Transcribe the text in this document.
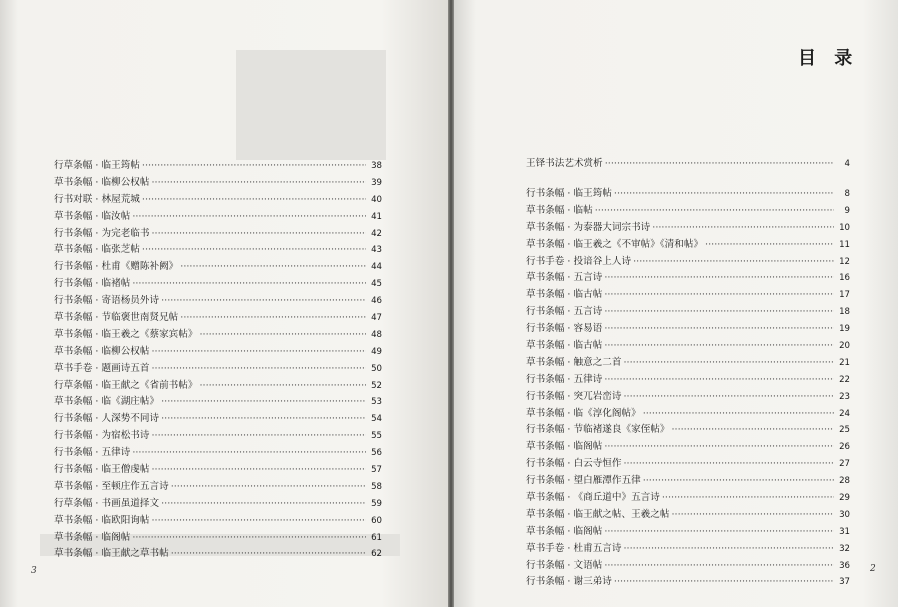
行草条幅 · 临王筠帖 ·····	38
草书条幅 · 临柳公权帖 ·····	39
行书对联 · 林屋荒城 ·····	40
草书条幅 · 临汝帖 ·····	41
行书条幅 · 为完老临书 ·····	42
草书条幅 · 临张芝帖 ·····	43
行书条幅 · 杜甫《赠陈补阙》 ·····	44
行书条幅 · 临褚帖 ·····	45
行书条幅 · 寄语杨员外诗 ·····	46
草书条幅 · 节临褒世南贤兄帖 ·····	47
草书条幅 · 临王羲之《蔡家宾帖》 ·····	48
草书条幅 · 临柳公权帖 ·····	49
草书手卷 · 题画诗五首 ·····	50
行草条幅 · 临王献之《省前书帖》 ·····	52
草书条幅 · 临《湖庄帖》 ·····	53
行书条幅 · 人深势不同诗 ·····	54
行书条幅 · 为宿松书诗 ·····	55
行书条幅 · 五律诗 ·····	56
行书条幅 · 临王僧虔帖 ·····	57
草书条幅 · 至顿庄作五言诗 ·····	58
行草条幅 · 书画虽道择文 ·····	59
草书条幅 · 临欧阳询帖 ·····	60
草书条幅 · 临阁帖 ·····	61
草书条幅 · 临王献之草书帖 ·····	62
目 录
王铎书法艺术赏析 ·····	4
行书条幅 · 临王筠帖 ·····	8
草书条幅 · 临帖 ·····	9
草书条幅 · 为泰器大词宗书诗 ·····	10
草书条幅 · 临王羲之《不审帖》《清和帖》 ·····	11
行书手卷 · 投谙谷上人诗 ·····	12
草书条幅 · 五言诗 ·····	16
草书条幅 · 临古帖 ·····	17
行书条幅 · 五言诗 ·····	18
行书条幅 · 容易语 ·····	19
草书条幅 · 临古帖 ·····	20
草书条幅 · 触意之二首 ·····	21
行书条幅 · 五律诗 ·····	22
行书条幅 · 突兀岩峦诗 ·····	23
草书条幅 · 临《淳化阁帖》 ·····	24
行书条幅 · 节临褚遂良《家侄帖》 ·····	25
草书条幅 · 临阁帖 ·····	26
行书条幅 · 白云寺恒作 ·····	27
行书条幅 · 望白雁潭作五律 ·····	28
草书条幅 · 《商丘道中》五言诗 ·····	29
草书条幅 · 临王献之帖、王羲之帖 ·····	30
草书条幅 · 临阁帖 ·····	31
草书手卷 · 杜甫五言诗 ·····	32
行书条幅 · 文语帖 ·····	36
行书条幅 · 谢三弟诗 ·····	37
3	2
